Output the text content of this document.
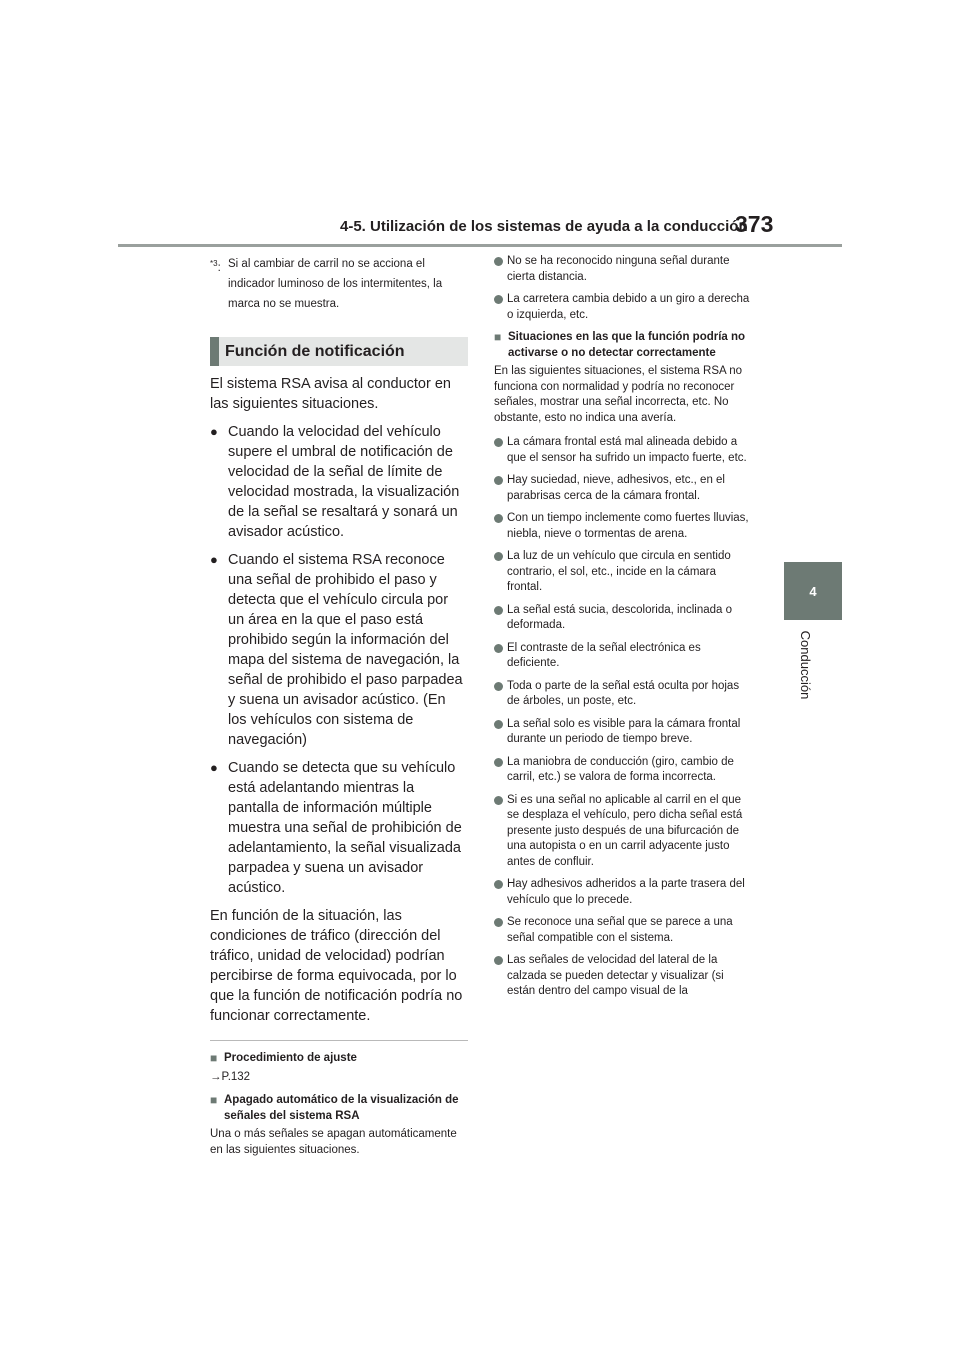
4-5. Utilización de los sistemas de ayuda a la conducción
373
4
Conducción
$^{*3}$: Si al cambiar de carril no se acciona el indicador luminoso de los intermitentes, la marca no se muestra.
Función de notificación

El sistema RSA avisa al conductor en las siguientes situaciones.

● Cuando la velocidad del vehículo supere el umbral de notificación de velocidad de la señal de límite de velocidad mostrada, la visualización de la señal se resaltará y sonará un avisador acústico.
● Cuando el sistema RSA reconoce una señal de prohibido el paso y detecta que el vehículo circula por un área en la que el paso está prohibido según la información del mapa del sistema de navegación, la señal de prohibido el paso parpadea y suena un avisador acústico. (En los vehículos con sistema de navegación)
● Cuando se detecta que su vehículo está adelantando mientras la pantalla de información múltiple muestra una señal de prohibición de adelantamiento, la señal visualizada parpadea y suena un avisador acústico.

En función de la situación, las condiciones de tráfico (dirección del tráfico, unidad de velocidad) podrían percibirse de forma equivocada, por lo que la función de notificación podría no funcionar correctamente.

■ Procedimiento de ajuste
→P.132
■ Apagado automático de la visualización de señales del sistema RSA

Una o más señales se apagan automáticamente en las siguientes situaciones.

No se ha reconocido ninguna señal durante cierta distancia.
La carretera cambia debido a un giro a derecha o izquierda, etc.
■ Situaciones en las que la función podría no activarse o no detectar correctamente

En las siguientes situaciones, el sistema RSA no funciona con normalidad y podría no reconocer señales, mostrar una señal incorrecta, etc. No obstante, esto no indica una avería.

La cámara frontal está mal alineada debido a que el sensor ha sufrido un impacto fuerte, etc.
Hay suciedad, nieve, adhesivos, etc., en el parabrisas cerca de la cámara frontal.
Con un tiempo inclemente como fuertes lluvias, niebla, nieve o tormentas de arena.
La luz de un vehículo que circula en sentido contrario, el sol, etc., incide en la cámara frontal.
La señal está sucia, descolorida, inclinada o deformada.
El contraste de la señal electrónica es deficiente.
Toda o parte de la señal está oculta por hojas de árboles, un poste, etc.
La señal solo es visible para la cámara frontal durante un periodo de tiempo breve.
La maniobra de conducción (giro, cambio de carril, etc.) se valora de forma incorrecta.
Si es una señal no aplicable al carril en el que se desplaza el vehículo, pero dicha señal está presente justo después de una bifurcación de una autopista o en un carril adyacente justo antes de confluir.
Hay adhesivos adheridos a la parte trasera del vehículo que lo precede.
Se reconoce una señal que se parece a una señal compatible con el sistema.
Las señales de velocidad del lateral de la calzada se pueden detectar y visualizar (si están dentro del campo visual de la
